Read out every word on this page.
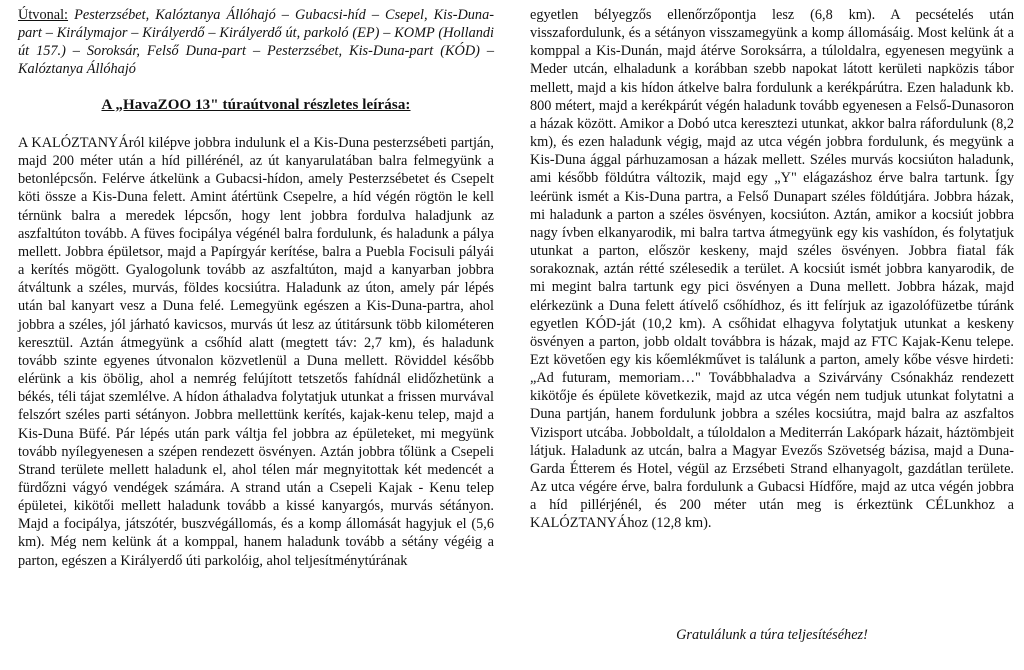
Útvonal: Pesterzsébet, Kalóztanya Állóhajó – Gubacsi-híd – Csepel, Kis-Duna-part – Királymajor – Királyerdő – Királyerdő út, parkoló (EP) – KOMP (Hollandi út 157.) – Soroksár, Felső Duna-part – Pesterzsébet, Kis-Duna-part (KÓD) – Kalóztanya Állóhajó

A „HavaZOO 13" túraútvonal részletes leírása:

A KALÓZTANYÁról kilépve jobbra indulunk el a Kis-Duna pesterzsébeti partján, majd 200 méter után a híd pillérénél, az út kanyarulatában balra felmegyünk a betonlépcsőn. Felérve átkelünk a Gubacsi-hídon, amely Pesterzsébetet és Csepelt köti össze a Kis-Duna felett. Amint átértünk Csepelre, a híd végén rögtön le kell térnünk balra a meredek lépcsőn, hogy lent jobbra fordulva haladjunk az aszfaltúton tovább. A füves focipálya végénél balra fordulunk, és haladunk a pálya mellett. Jobbra épületsor, majd a Papírgyár kerítése, balra a Puebla Focisuli pályái a kerítés mögött. Gyalogolunk tovább az aszfaltúton, majd a kanyarban jobbra átváltunk a széles, murvás, földes kocsiútra. Haladunk az úton, amely pár lépés után bal kanyart vesz a Duna felé. Lemegyünk egészen a Kis-Duna-partra, ahol jobbra a széles, jól járható kavicsos, murvás út lesz az útitársunk több kilométeren keresztül. Aztán átmegyünk a csőhíd alatt (megtett táv: 2,7 km), és haladunk tovább szinte egyenes útvonalon közvetlenül a Duna mellett. Röviddel később elérünk a kis öbölig, ahol a nemrég felújított tetszetős fahídnál elidőzhetünk a békés, téli tájat szemlélve. A hídon áthaladva folytatjuk utunkat a frissen murvával felszórt széles parti sétányon. Jobbra mellettünk kerítés, kajak-kenu telep, majd a Kis-Duna Büfé. Pár lépés után park váltja fel jobbra az épületeket, mi megyünk tovább nyílegyenesen a szépen rendezett ösvényen. Aztán jobbra tőlünk a Csepeli Strand területe mellett haladunk el, ahol télen már megnyitottak két medencét a fürdőzni vágyó vendégek számára. A strand után a Csepeli Kajak - Kenu telep épületei, kikötői mellett haladunk tovább a kissé kanyargós, murvás sétányon. Majd a focipálya, játszótér, buszvégállomás, és a komp állomását hagyjuk el (5,6 km). Még nem kelünk át a komppal, hanem haladunk tovább a sétány végéig a parton, egészen a Királyerdő úti parkolóig, ahol teljesítménytúrának

egyetlen bélyegzős ellenőrzőpontja lesz (6,8 km). A pecsételés után visszafordulunk, és a sétányon visszamegyünk a komp állomásáig. Most kelünk át a komppal a Kis-Dunán, majd átérve Soroksárra, a túloldalra, egyenesen megyünk a Meder utcán, elhaladunk a korábban szebb napokat látott kerületi napközis tábor mellett, majd a kis hídon átkelve balra fordulunk a kerékpárútra. Ezen haladunk kb. 800 métert, majd a kerékpárút végén haladunk tovább egyenesen a Felső-Dunasoron a házak között. Amikor a Dobó utca keresztezi utunkat, akkor balra ráfordulunk (8,2 km), és ezen haladunk végig, majd az utca végén jobbra fordulunk, és megyünk a Kis-Duna ággal párhuzamosan a házak mellett. Széles murvás kocsiúton haladunk, ami később földútra változik, majd egy „Y" elágazáshoz érve balra tartunk. Így leérünk ismét a Kis-Duna partra, a Felső Dunapart széles földútjára. Jobbra házak, mi haladunk a parton a széles ösvényen, kocsiúton. Aztán, amikor a kocsiút jobbra nagy ívben elkanyarodik, mi balra tartva átmegyünk egy kis vashídon, és folytatjuk utunkat a parton, először keskeny, majd széles ösvényen. Jobbra fiatal fák sorakoznak, aztán rétté szélesedik a terület. A kocsiút ismét jobbra kanyarodik, de mi megint balra tartunk egy pici ösvényen a Duna mellett. Jobbra házak, majd elérkezünk a Duna felett átívelő csőhídhoz, és itt felírjuk az igazolófüzetbe túránk egyetlen KÓD-ját (10,2 km). A csőhidat elhagyva folytatjuk utunkat a keskeny ösvényen a parton, jobb oldalt továbbra is házak, majd az FTC Kajak-Kenu telepe. Ezt követően egy kis kőemlékművet is találunk a parton, amely kőbe vésve hirdeti: „Ad futuram, memoriam…" Továbbhaladva a Szivárvány Csónakház rendezett kikötője és épülete következik, majd az utca végén nem tudjuk utunkat folytatni a Duna partján, hanem fordulunk jobbra a széles kocsiútra, majd balra az aszfaltos Vizisport utcába. Jobboldalt, a túloldalon a Mediterrán Lakópark házait, háztömbjeit látjuk. Haladunk az utcán, balra a Magyar Evezős Szövetség bázisa, majd a Duna-Garda Étterem és Hotel, végül az Erzsébeti Strand elhanyagolt, gazdátlan területe. Az utca végére érve, balra fordulunk a Gubacsi Hídfőre, majd az utca végén jobbra a híd pillérjénél, és 200 méter után meg is érkeztünk CÉLunkhoz a KALÓZTANYÁhoz (12,8 km).

Gratulálunk a túra teljesítéséhez!
